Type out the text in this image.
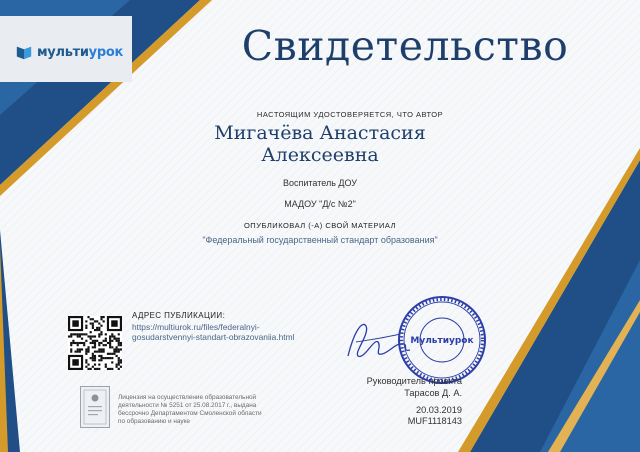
мультиурок	Свидетельство
НАСТОЯЩИМ УДОСТОВЕРЯЕТСЯ, ЧТО АВТОР
Мигачёва Анастасия Алексеевна
Воспитатель ДОУ
МАДОУ "Д/с №2"
ОПУБЛИКОВАЛ (-А) СВОЙ МАТЕРИАЛ
"Федеральный государственный стандарт образования"
АДРЕС ПУБЛИКАЦИИ:
https://multiurok.ru/files/federalnyi-
gosudarstvennyi-standart-obrazovaniia.html
Лицензия на осуществление образовательной
деятельности № 5251 от 25.08.2017 г., выдана
бессрочно Департаментом Смоленской области
по образованию и науке
Мультиурок
Руководитель проекта
Тарасов Д. А.
20.03.2019
MUF1118143
